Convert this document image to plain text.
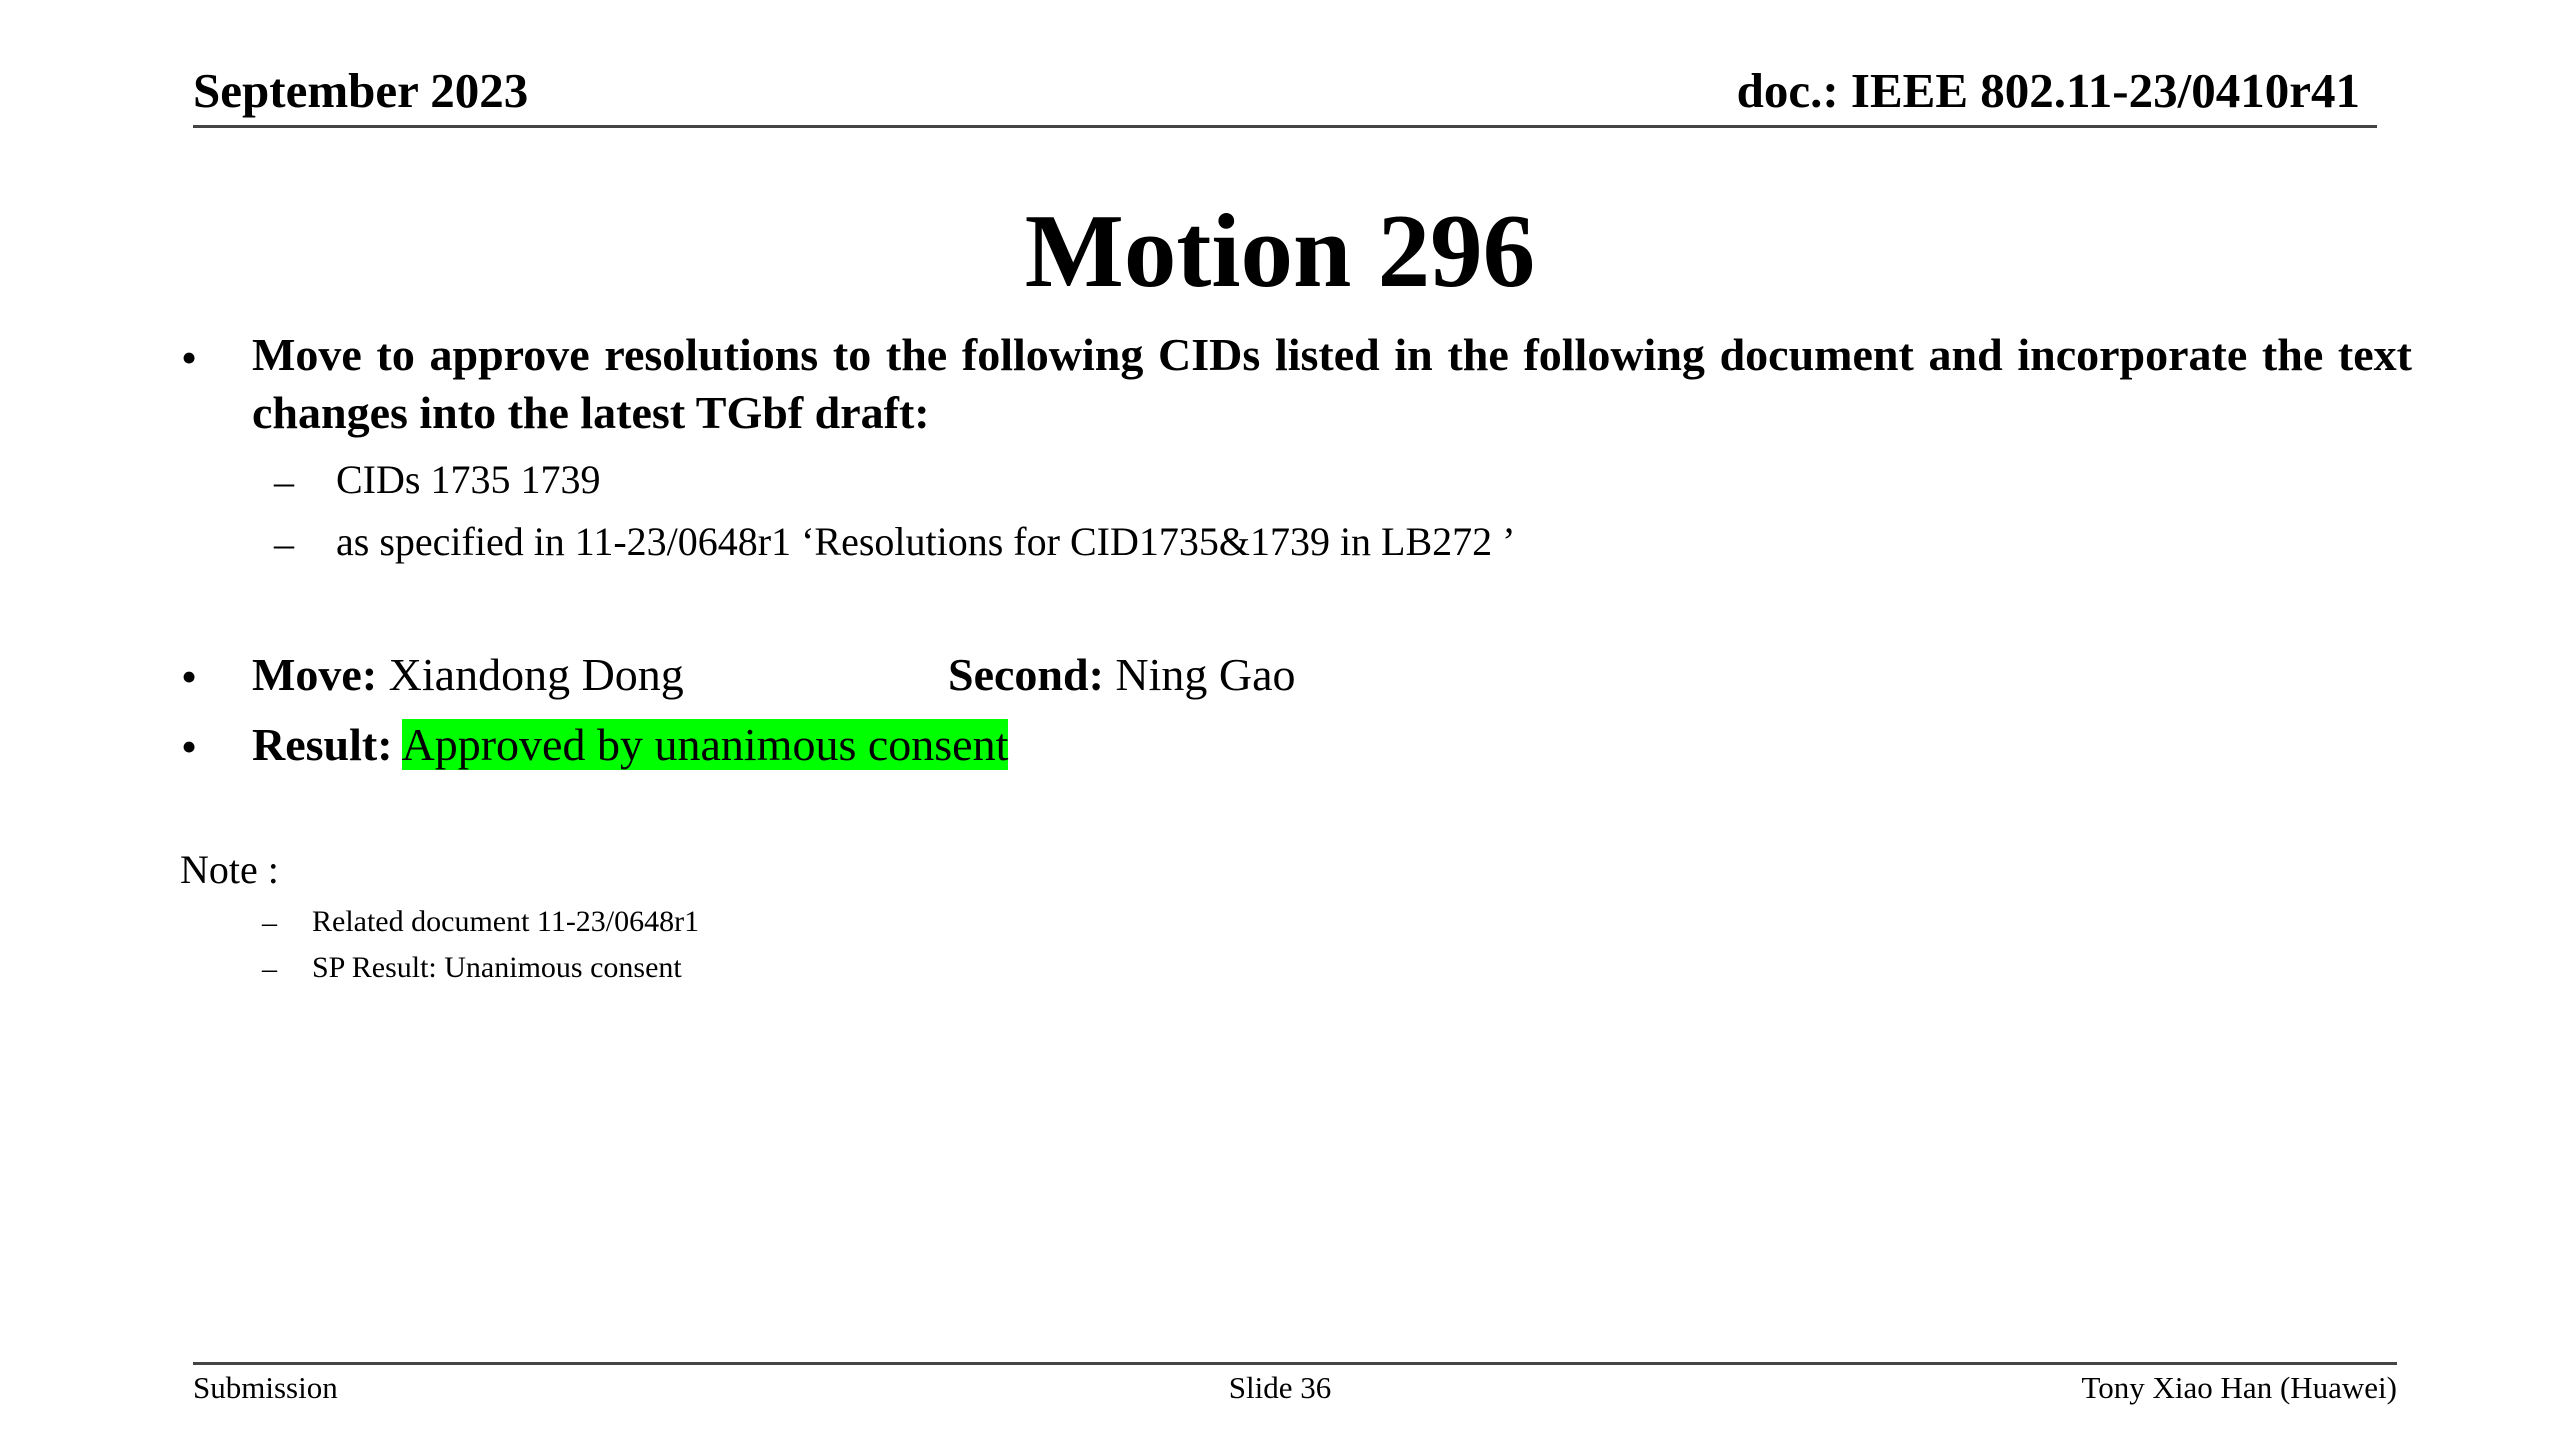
September 2023	doc.: IEEE 802.11-23/0410r41
Motion 296
• Move to approve resolutions to the following CIDs listed in the following document and incorporate the text changes into the latest TGbf draft:
– CIDs 1735 1739
– as specified in 11-23/0648r1 ‘Resolutions for CID1735&1739 in LB272 ’
• Move: Xiandong Dong	Second: Ning Gao
• Result: Approved by unanimous consent
Note :
– Related document 11-23/0648r1
– SP Result: Unanimous consent
Submission	Slide 36	Tony Xiao Han (Huawei)
